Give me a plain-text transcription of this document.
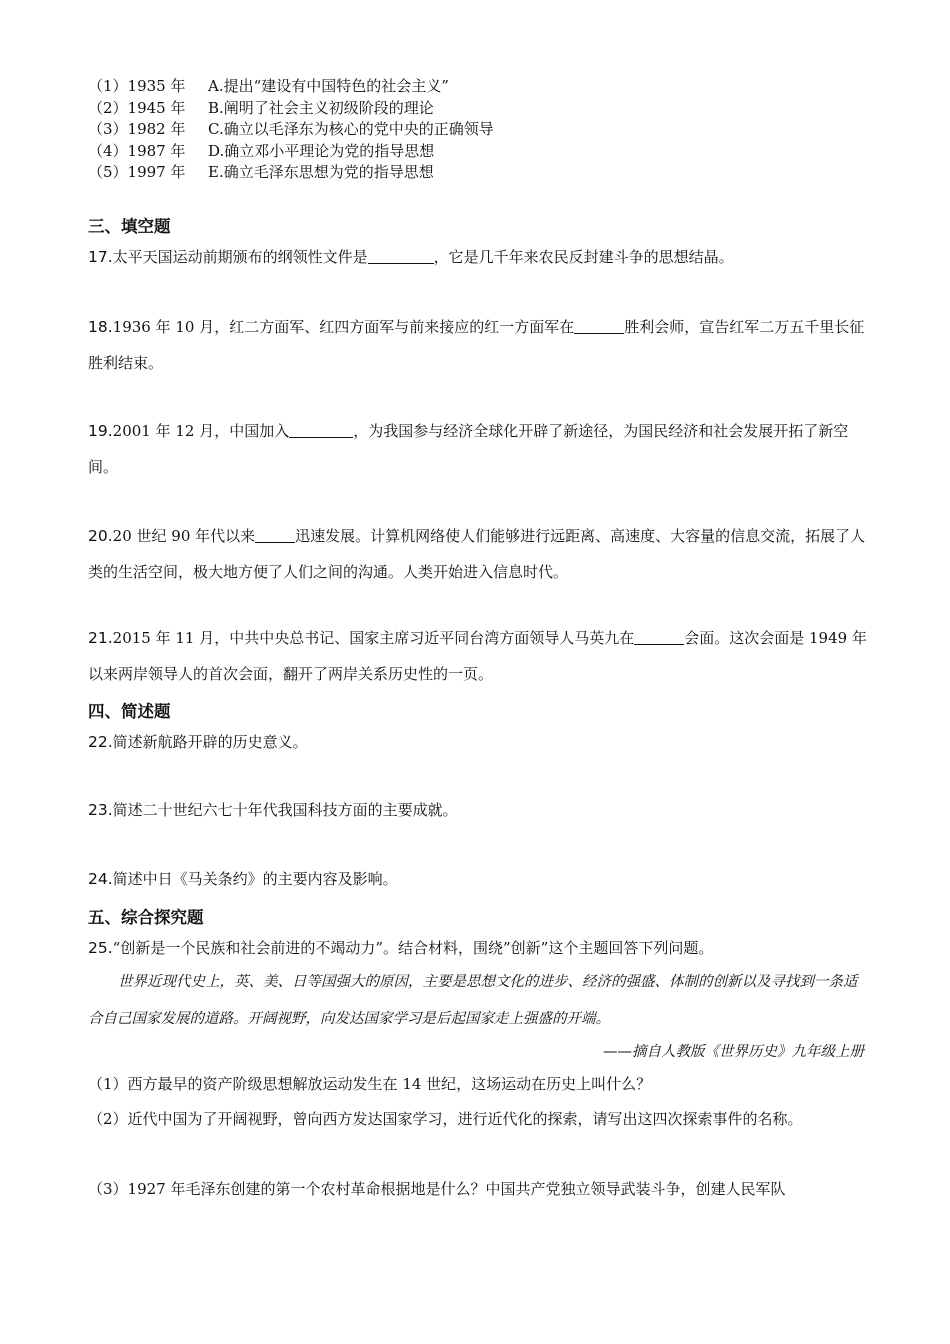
（1）1935 年	A.提出“建设有中国特色的社会主义”
（2）1945 年	B.阐明了社会主义初级阶段的理论
（3）1982 年	C.确立以毛泽东为核心的党中央的正确领导
（4）1987 年	D.确立邓小平理论为党的指导思想
（5）1997 年	E.确立毛泽东思想为党的指导思想
三、填空题
17.太平天国运动前期颁布的纲领性文件是	，它是几千年来农民反封建斗争的思想结晶。
18.1936 年 10 月，红二方面军、红四方面军与前来接应的红一方面军在	胜利会师，宣告红军二万五千里长征胜利结束。
19.2001 年 12 月，中国加入	，为我国参与经济全球化开辟了新途径，为国民经济和社会发展开拓了新空间。
20.20 世纪 90 年代以来	迅速发展。计算机网络使人们能够进行远距离、高速度、大容量的信息交流，拓展了人类的生活空间，极大地方便了人们之间的沟通。人类开始进入信息时代。
21.2015 年 11 月，中共中央总书记、国家主席习近平同台湾方面领导人马英九在	会面。这次会面是 1949 年以来两岸领导人的首次会面，翻开了两岸关系历史性的一页。
四、简述题
22.简述新航路开辟的历史意义。
23.简述二十世纪六七十年代我国科技方面的主要成就。
24.简述中日《马关条约》的主要内容及影响。
五、综合探究题
25.“创新是一个民族和社会前进的不竭动力”。结合材料，围绕”创新”这个主题回答下列问题。

世界近现代史上，英、美、日等国强大的原因，主要是思想文化的进步、经济的强盛、体制的创新以及寻找到一条适合自己国家发展的道路。开阔视野，向发达国家学习是后起国家走上强盛的开端。

——摘自人教版《世界历史》九年级上册
（1）西方最早的资产阶级思想解放运动发生在 14 世纪，这场运动在历史上叫什么？
（2）近代中国为了开阔视野，曾向西方发达国家学习，进行近代化的探索，请写出这四次探索事件的名称。
（3）1927 年毛泽东创建的第一个农村革命根据地是什么？中国共产党独立领导武装斗争，创建人民军队
